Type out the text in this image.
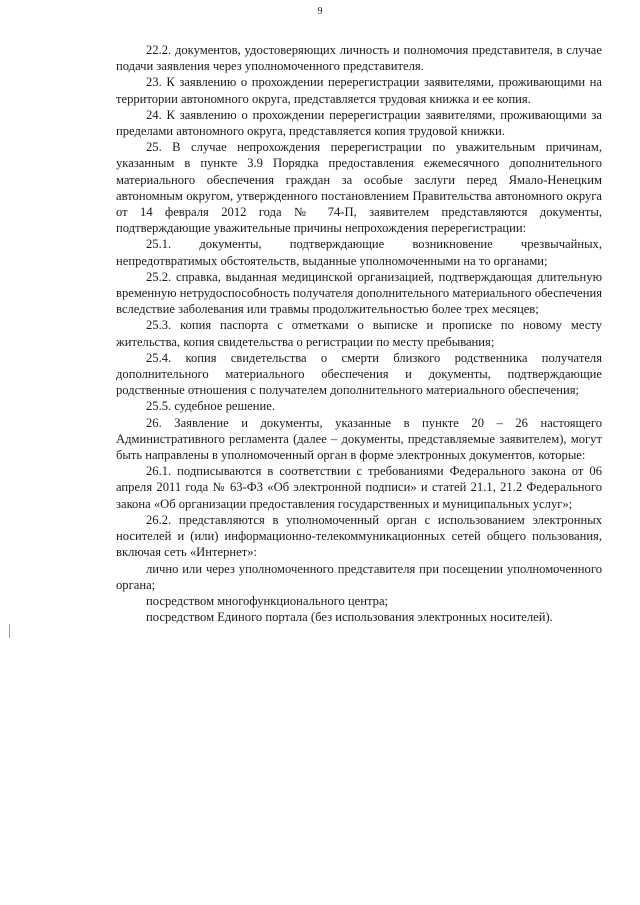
9

22.2. документов, удостоверяющих личность и полномочия представителя, в случае подачи заявления через уполномоченного представителя.

23. К заявлению о прохождении перерегистрации заявителями, проживающими на территории автономного округа, представляется трудовая книжка и ее копия.

24. К заявлению о прохождении перерегистрации заявителями, проживающими за пределами автономного округа, представляется копия трудовой книжки.

25. В случае непрохождения перерегистрации по уважительным причинам, указанным в пункте 3.9 Порядка предоставления ежемесячного дополнительного материального обеспечения граждан за особые заслуги перед Ямало-Ненецким автономным округом, утвержденного постановлением Правительства автономного округа от 14 февраля 2012 года № 74-П, заявителем представляются документы, подтверждающие уважительные причины непрохождения перерегистрации:

25.1. документы, подтверждающие возникновение чрезвычайных, непредотвратимых обстоятельств, выданные уполномоченными на то органами;

25.2. справка, выданная медицинской организацией, подтверждающая длительную временную нетрудоспособность получателя дополнительного материального обеспечения вследствие заболевания или травмы продолжительностью более трех месяцев;

25.3. копия паспорта с отметками о выписке и прописке по новому месту жительства, копия свидетельства о регистрации по месту пребывания;

25.4. копия свидетельства о смерти близкого родственника получателя дополнительного материального обеспечения и документы, подтверждающие родственные отношения с получателем дополнительного материального обеспечения;

25.5. судебное решение.

26. Заявление и документы, указанные в пункте 20 – 26 настоящего Административного регламента (далее – документы, представляемые заявителем), могут быть направлены в уполномоченный орган в форме электронных документов, которые:

26.1. подписываются в соответствии с требованиями Федерального закона от 06 апреля 2011 года № 63-ФЗ «Об электронной подписи» и статей 21.1, 21.2 Федерального закона «Об организации предоставления государственных и муниципальных услуг»;

26.2. представляются в уполномоченный орган с использованием электронных носителей и (или) информационно-телекоммуникационных сетей общего пользования, включая сеть «Интернет»:

лично или через уполномоченного представителя при посещении уполномоченного органа;

посредством многофункционального центра;

посредством Единого портала (без использования электронных носителей).
